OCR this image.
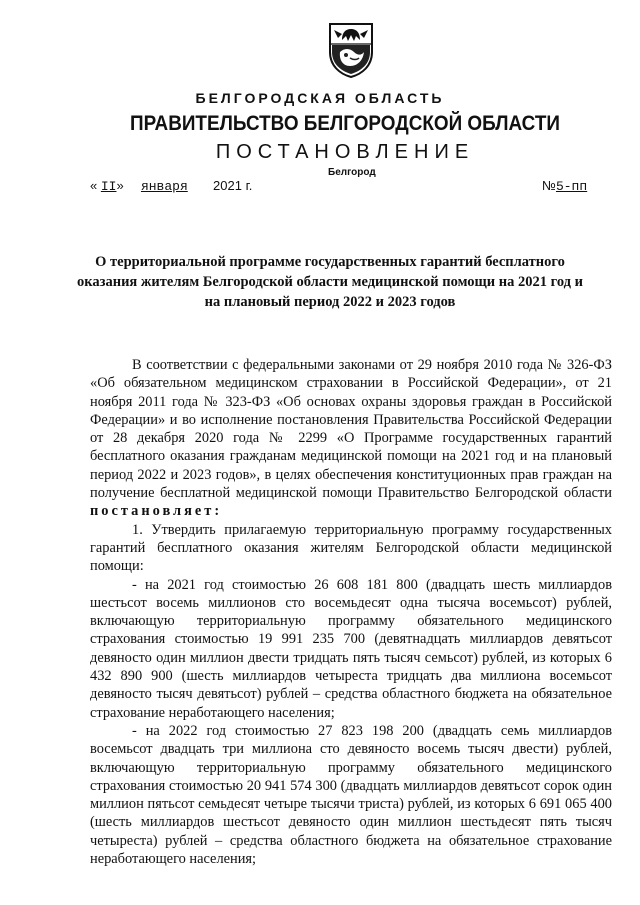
БЕЛГОРОДСКАЯ ОБЛАСТЬ
ПРАВИТЕЛЬСТВО БЕЛГОРОДСКОЙ ОБЛАСТИ
ПОСТАНОВЛЕНИЕ
Белгород
« II» января 2021 г.	№5-пп
О территориальной программе государственных гарантий бесплатного оказания жителям Белгородской области медицинской помощи на 2021 год и на плановый период 2022 и 2023 годов

В соответствии с федеральными законами от 29 ноября 2010 года № 326-ФЗ «Об обязательном медицинском страховании в Российской Федерации», от 21 ноября 2011 года № 323-ФЗ «Об основах охраны здоровья граждан в Российской Федерации» и во исполнение постановления Правительства Российской Федерации от 28 декабря 2020 года № 2299 «О Программе государственных гарантий бесплатного оказания гражданам медицинской помощи на 2021 год и на плановый период 2022 и 2023 годов», в целях обеспечения конституционных прав граждан на получение бесплатной медицинской помощи Правительство Белгородской области постановляет:

1. Утвердить прилагаемую территориальную программу государственных гарантий бесплатного оказания жителям Белгородской области медицинской помощи:

- на 2021 год стоимостью 26 608 181 800 (двадцать шесть миллиардов шестьсот восемь миллионов сто восемьдесят одна тысяча восемьсот) рублей, включающую территориальную программу обязательного медицинского страхования стоимостью 19 991 235 700 (девятнадцать миллиардов девятьсот девяносто один миллион двести тридцать пять тысяч семьсот) рублей, из которых 6 432 890 900 (шесть миллиардов четыреста тридцать два миллиона восемьсот девяносто тысяч девятьсот) рублей – средства областного бюджета на обязательное страхование неработающего населения;

- на 2022 год стоимостью 27 823 198 200 (двадцать семь миллиардов восемьсот двадцать три миллиона сто девяносто восемь тысяч двести) рублей, включающую территориальную программу обязательного медицинского страхования стоимостью 20 941 574 300 (двадцать миллиардов девятьсот сорок один миллион пятьсот семьдесят четыре тысячи триста) рублей, из которых 6 691 065 400 (шесть миллиардов шестьсот девяносто один миллион шестьдесят пять тысяч четыреста) рублей – средства областного бюджета на обязательное страхование неработающего населения;
